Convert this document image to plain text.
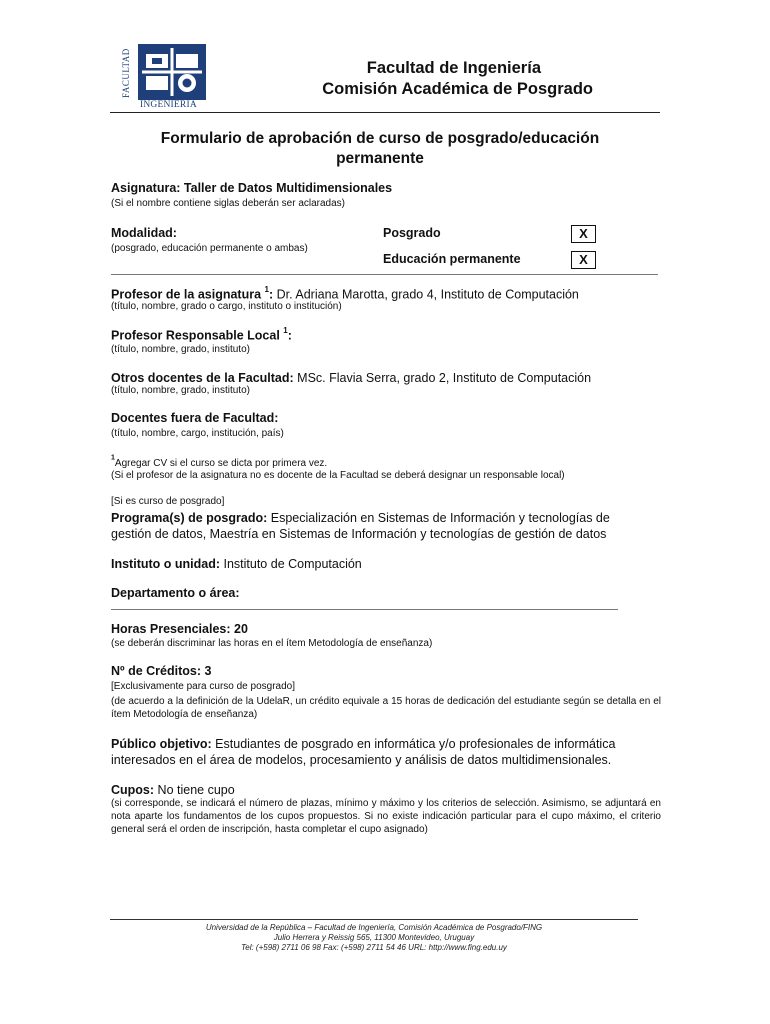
FACULTAD
INGENIERIA
Facultad de Ingeniería
Comisión Académica de Posgrado
Formulario de aprobación de curso de posgrado/educación permanente
Asignatura: Taller de Datos Multidimensionales
(Si el nombre contiene siglas deberán ser aclaradas)
Modalidad:
(posgrado, educación permanente o ambas)
Posgrado	X
Educación permanente	X
Profesor de la asignatura $^1$: Dr. Adriana Marotta, grado 4, Instituto de Computación
(título, nombre, grado o cargo, instituto o institución)
Profesor Responsable Local $^1$:
(título, nombre, grado, instituto)
Otros docentes de la Facultad: MSc. Flavia Serra, grado 2, Instituto de Computación
(título, nombre, grado, instituto)
Docentes fuera de Facultad:
(título, nombre, cargo, institución, país)
$^1$Agregar CV si el curso se dicta por primera vez.
(Si el profesor de la asignatura no es docente de la Facultad se deberá designar un responsable local)
[Si es curso de posgrado]
Programa(s) de posgrado: Especialización en Sistemas de Información y tecnologías de gestión de datos, Maestría en Sistemas de Información y tecnologías de gestión de datos
Instituto o unidad: Instituto de Computación
Departamento o área:
Horas Presenciales: 20
(se deberán discriminar las horas en el ítem Metodología de enseñanza)
Nº de Créditos: 3
[Exclusivamente para curso de posgrado]
(de acuerdo a la definición de la UdelaR, un crédito equivale a 15 horas de dedicación del estudiante según se detalla en el ítem Metodología de enseñanza)
Público objetivo: Estudiantes de posgrado en informática y/o profesionales de informática interesados en el área de modelos, procesamiento y análisis de datos multidimensionales.
Cupos: No tiene cupo
(si corresponde, se indicará el número de plazas, mínimo y máximo y los criterios de selección. Asimismo, se adjuntará en nota aparte los fundamentos de los cupos propuestos. Si no existe indicación particular para el cupo máximo, el criterio general será el orden de inscripción, hasta completar el cupo asignado)
Universidad de la República – Facultad de Ingeniería, Comisión Académica de Posgrado/FING
Julio Herrera y Reissig 565, 11300 Montevideo, Uruguay
Tel: (+598) 2711 06 98 Fax: (+598) 2711 54 46 URL: http://www.fing.edu.uy
